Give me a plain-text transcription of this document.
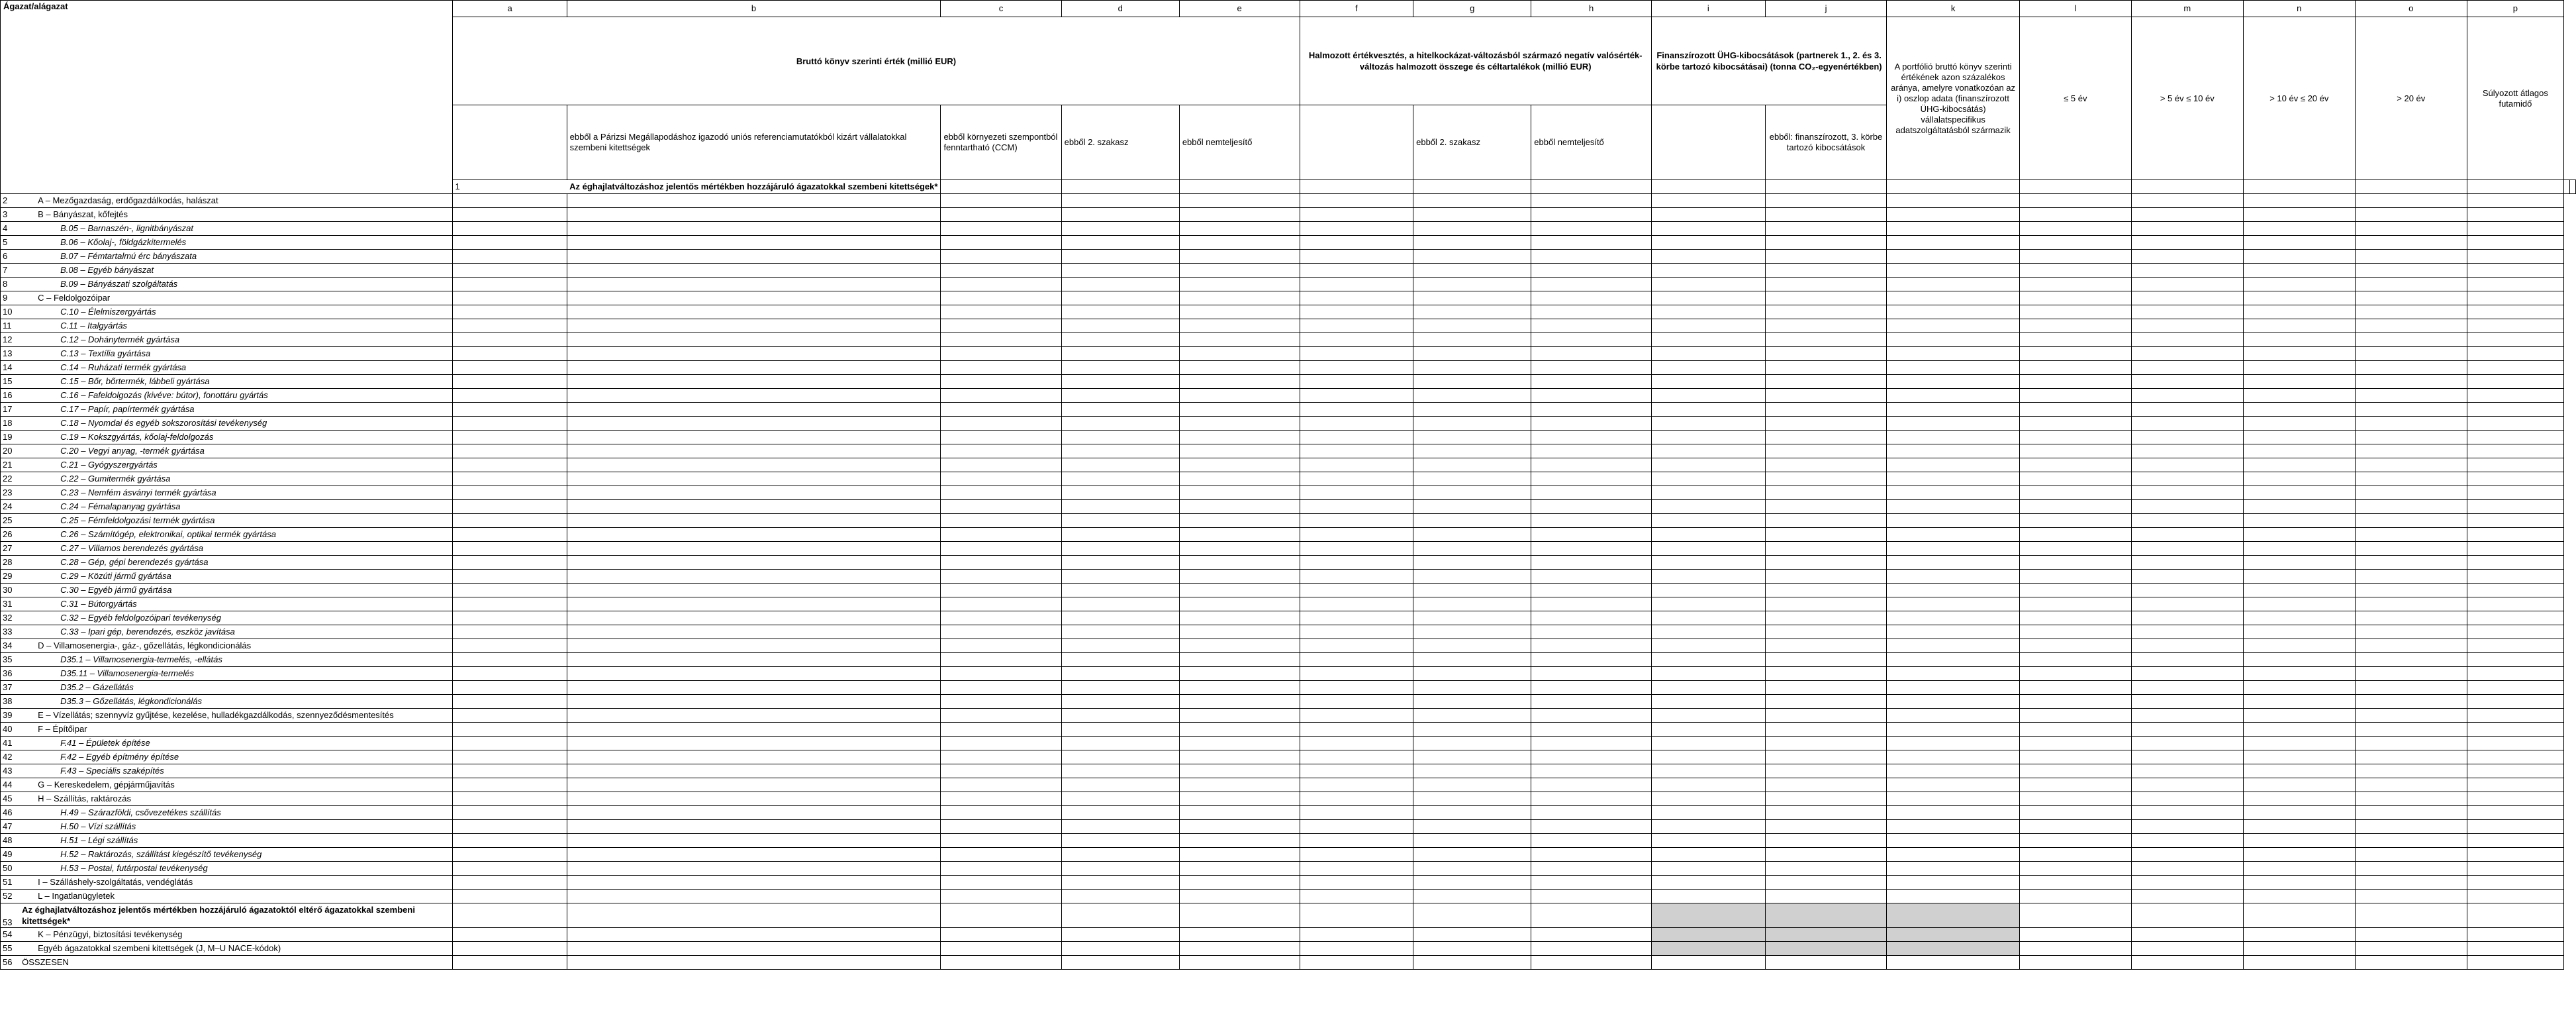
Ágazat/alágazat		a	b	c	d	e	f	g	h	i	j	k	l	m	n	o	p		
		Bruttó könyv szerinti érték (millió EUR)					Halmozott értékvesztés, a hitelkockázat-változásból származó negatív valósérték-változás halmozott összege és céltartalékok (millió EUR)			Finanszírozott ÜHG-kibocsátások (partnerek 1., 2. és 3. körbe tartozó kibocsátásai) (tonna CO₂-egyenértékben)		A portfólió bruttó könyv szerinti értékének azon százalékos aránya, amelyre vonatkozóan az i) oszlop adata (finanszírozott ÜHG-kibocsátás) vállalatspecifikus adatszolgáltatásból származik	≤ 5 év	> 5 év ≤ 10 év	> 10 év ≤ 20 év	> 20 év	Súlyozott átlagos futamidő		
			ebből a Párizsi Megállapodáshoz igazodó uniós referenciamutatókból kizárt vállalatokkal szembeni kitettségek	ebből környezeti szempontból fenntartható (CCM)	ebből 2. szakasz	ebből nemteljesítő		ebből 2. szakasz	ebből nemteljesítő		ebből: finanszírozott, 3. körbe tartozó kibocsátások								
		1	Az éghajlatváltozáshoz jelentős mértékben hozzájáruló ágazatokkal szembeni kitettségek*																
2	A – Mezőgazdaság, erdőgazdálkodás, halászat																		
3	B – Bányászat, kőfejtés																		
4	B.05 – Barnaszén-, lignitbányászat																		
5	B.06 – Kőolaj-, földgázkitermelés																		
6	B.07 – Fémtartalmú érc bányászata																		
7	B.08 – Egyéb bányászat																		
8	B.09 – Bányászati szolgáltatás																		
9	C – Feldolgozóipar																		
10	C.10 – Élelmiszergyártás																		
11	C.11 – Italgyártás																		
12	C.12 – Dohánytermék gyártása																		
13	C.13 – Textília gyártása																		
14	C.14 – Ruházati termék gyártása																		
15	C.15 – Bőr, bőrtermék, lábbeli gyártása																		
16	C.16 – Fafeldolgozás (kivéve: bútor), fonottáru gyártás																		
17	C.17 – Papír, papírtermék gyártása																		
18	C.18 – Nyomdai és egyéb sokszorosítási tevékenység																		
19	C.19 – Kokszgyártás, kőolaj-feldolgozás																		
20	C.20 – Vegyi anyag, -termék gyártása																		
21	C.21 – Gyógyszergyártás																		
22	C.22 – Gumitermék gyártása																		
23	C.23 – Nemfém ásványi termék gyártása																		
24	C.24 – Fémalapanyag gyártása																		
25	C.25 – Fémfeldolgozási termék gyártása																		
26	C.26 – Számítógép, elektronikai, optikai termék gyártása																		
27	C.27 – Villamos berendezés gyártása																		
28	C.28 – Gép, gépi berendezés gyártása																		
29	C.29 – Közúti jármű gyártása																		
30	C.30 – Egyéb jármű gyártása																		
31	C.31 – Bútorgyártás																		
32	C.32 – Egyéb feldolgozóipari tevékenység																		
33	C.33 – Ipari gép, berendezés, eszköz javítása																		
34	D – Villamosenergia-, gáz-, gőzellátás, légkondicionálás																		
35	D35.1 – Villamosenergia-termelés, -ellátás																		
36	D35.11 – Villamosenergia-termelés																		
37	D35.2 – Gázellátás																		
38	D35.3 – Gőzellátás, légkondicionálás																		
39	E – Vízellátás; szennyvíz gyűjtése, kezelése, hulladékgazdálkodás, szennyeződésmentesítés																		
40	F – Építőipar																		
41	F.41 – Épületek építése																		
42	F.42 – Egyéb építmény építése																		
43	F.43 – Speciális szaképítés																		
44	G – Kereskedelem, gépjárműjavítás																		
45	H – Szállítás, raktározás																		
46	H.49 – Szárazföldi, csővezetékes szállítás																		
47	H.50 – Vízi szállítás																		
48	H.51 – Légi szállítás																		
49	H.52 – Raktározás, szállítást kiegészítő tevékenység																		
50	H.53 – Postai, futárpostai tevékenység																		
51	I – Szálláshely-szolgáltatás, vendéglátás																		
52	L – Ingatlanügyletek																		
53	Az éghajlatváltozáshoz jelentős mértékben hozzájáruló ágazatoktól eltérő ágazatokkal szembeni kitettségek*																		
54	K – Pénzügyi, biztosítási tevékenység																		
55	Egyéb ágazatokkal szembeni kitettségek (J, M–U NACE-kódok)																		
56	ÖSSZESEN																		
